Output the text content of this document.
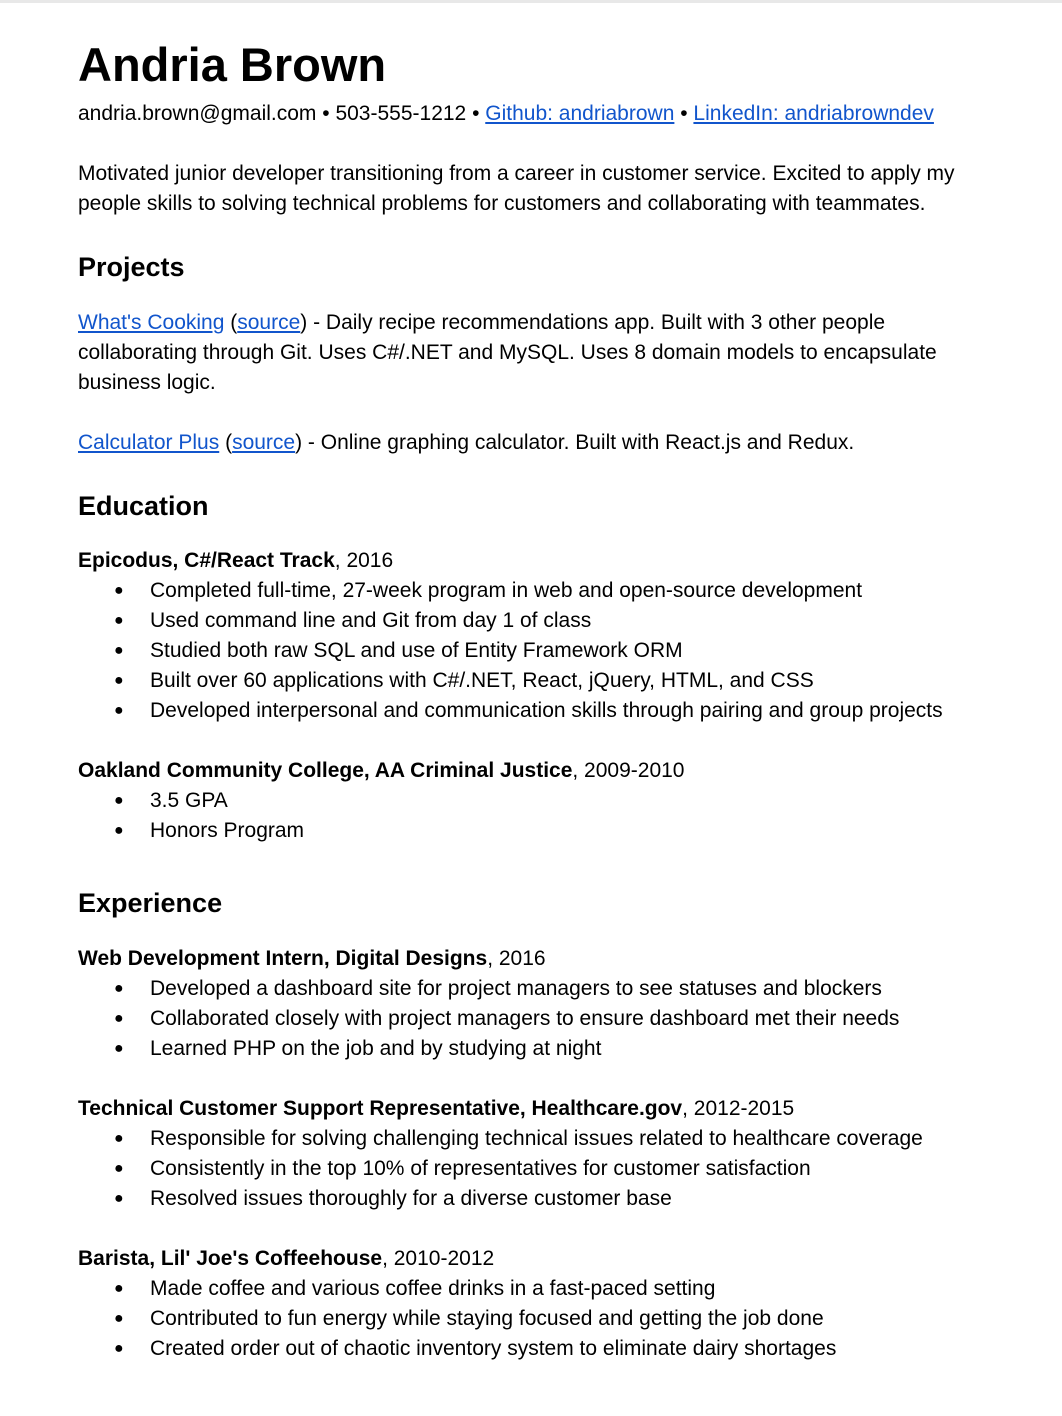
Andria Brown
andria.brown@gmail.com • 503-555-1212 • Github: andriabrown • LinkedIn: andriabrowndev
Motivated junior developer transitioning from a career in customer service. Excited to apply my people skills to solving technical problems for customers and collaborating with teammates.
Projects
What's Cooking (source) - Daily recipe recommendations app. Built with 3 other people collaborating through Git. Uses C#/.NET and MySQL. Uses 8 domain models to encapsulate business logic.
Calculator Plus (source) - Online graphing calculator. Built with React.js and Redux.
Education
Epicodus, C#/React Track, 2016
● Completed full-time, 27-week program in web and open-source development
● Used command line and Git from day 1 of class
● Studied both raw SQL and use of Entity Framework ORM
● Built over 60 applications with C#/.NET, React, jQuery, HTML, and CSS
● Developed interpersonal and communication skills through pairing and group projects
Oakland Community College, AA Criminal Justice, 2009-2010
● 3.5 GPA
● Honors Program
Experience
Web Development Intern, Digital Designs, 2016
● Developed a dashboard site for project managers to see statuses and blockers
● Collaborated closely with project managers to ensure dashboard met their needs
● Learned PHP on the job and by studying at night
Technical Customer Support Representative, Healthcare.gov, 2012-2015
● Responsible for solving challenging technical issues related to healthcare coverage
● Consistently in the top 10% of representatives for customer satisfaction
● Resolved issues thoroughly for a diverse customer base
Barista, Lil' Joe's Coffeehouse, 2010-2012
● Made coffee and various coffee drinks in a fast-paced setting
● Contributed to fun energy while staying focused and getting the job done
● Created order out of chaotic inventory system to eliminate dairy shortages
